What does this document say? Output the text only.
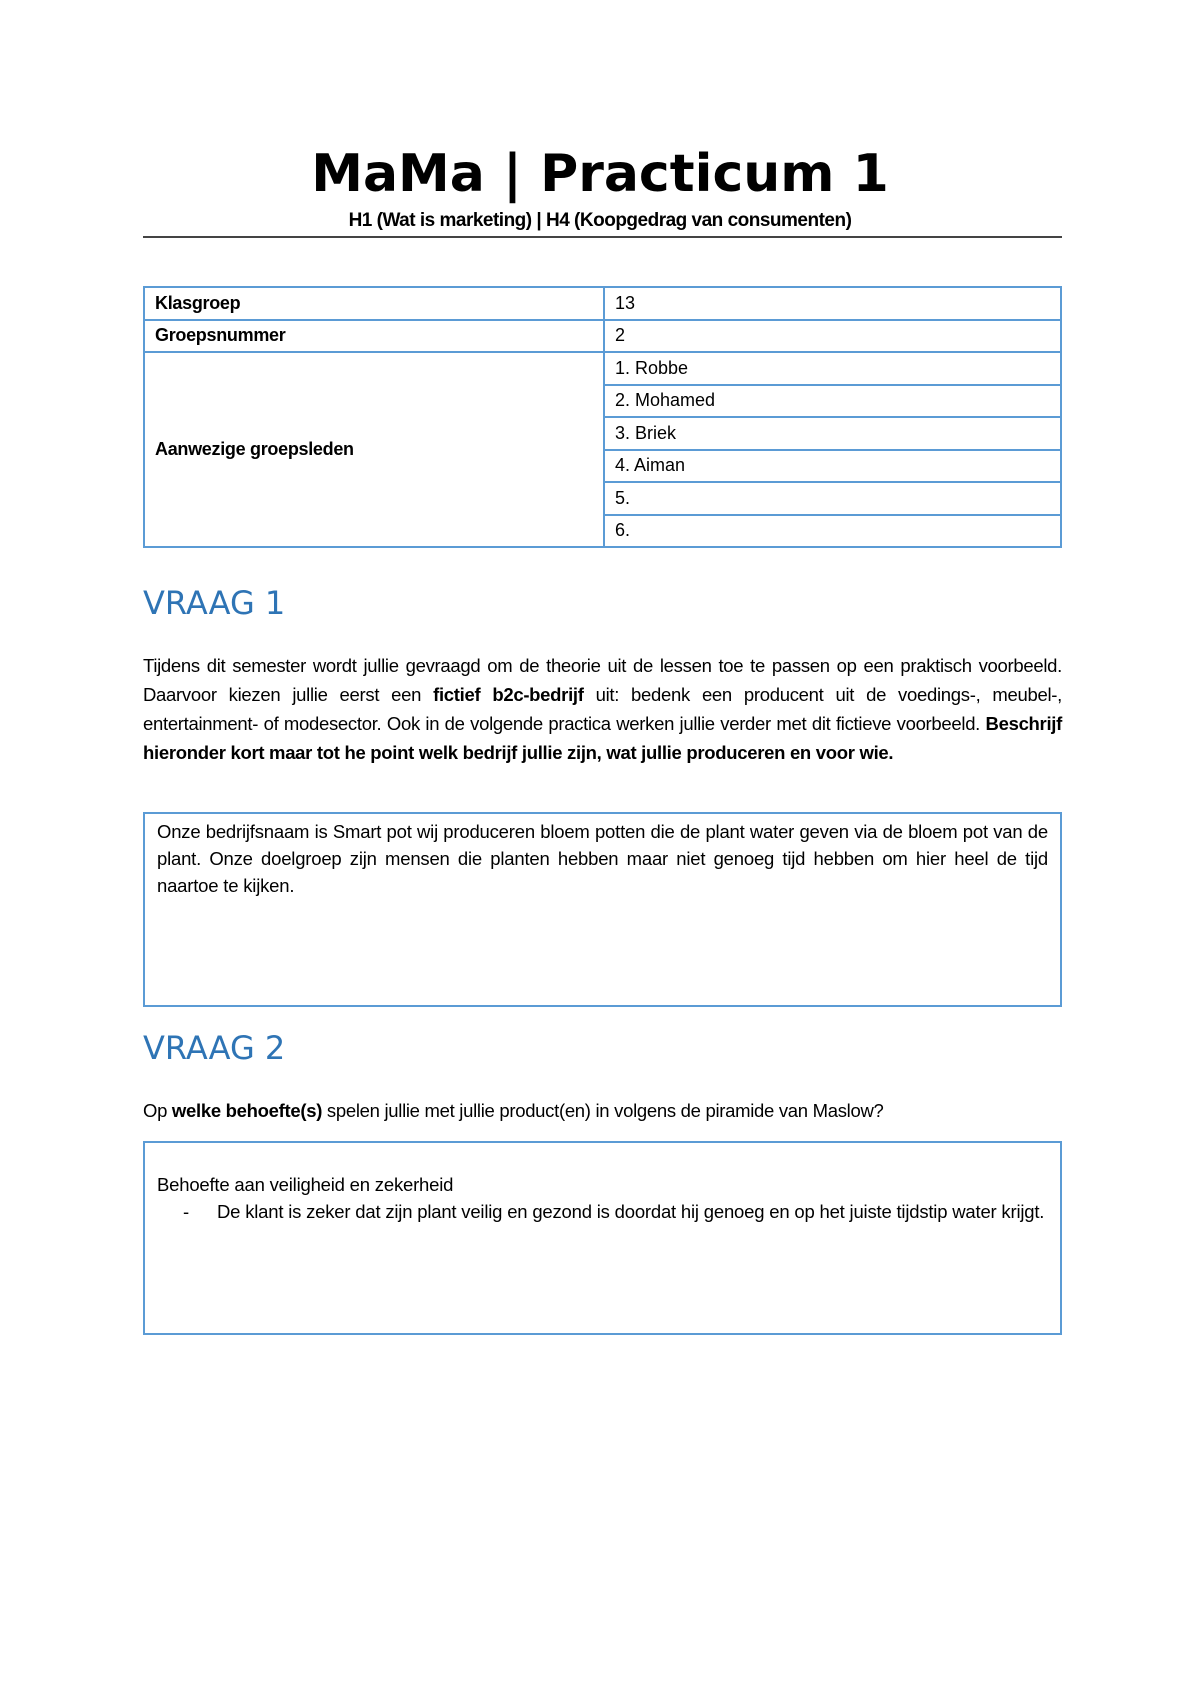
MaMa | Practicum 1
H1 (Wat is marketing) | H4 (Koopgedrag van consumenten)
Klasgroep	13
Groepsnummer	2
Aanwezige groepsleden	1. Robbe
	2. Mohamed
	3. Briek
	4. Aiman
	5.
	6.
VRAAG 1
Tijdens dit semester wordt jullie gevraagd om de theorie uit de lessen toe te passen op een praktisch voorbeeld. Daarvoor kiezen jullie eerst een fictief b2c-bedrijf uit: bedenk een producent uit de voedings-, meubel-, entertainment- of modesector. Ook in de volgende practica werken jullie verder met dit fictieve voorbeeld. Beschrijf hieronder kort maar tot he point welk bedrijf jullie zijn, wat jullie produceren en voor wie.
Onze bedrijfsnaam is Smart pot wij produceren bloem potten die de plant water geven via de bloem pot van de plant. Onze doelgroep zijn mensen die planten hebben maar niet genoeg tijd hebben om hier heel de tijd naartoe te kijken.
VRAAG 2
Op welke behoefte(s) spelen jullie met jullie product(en) in volgens de piramide van Maslow?
Behoefte aan veiligheid en zekerheid
-	De klant is zeker dat zijn plant veilig en gezond is doordat hij genoeg en op het juiste tijdstip water krijgt.
